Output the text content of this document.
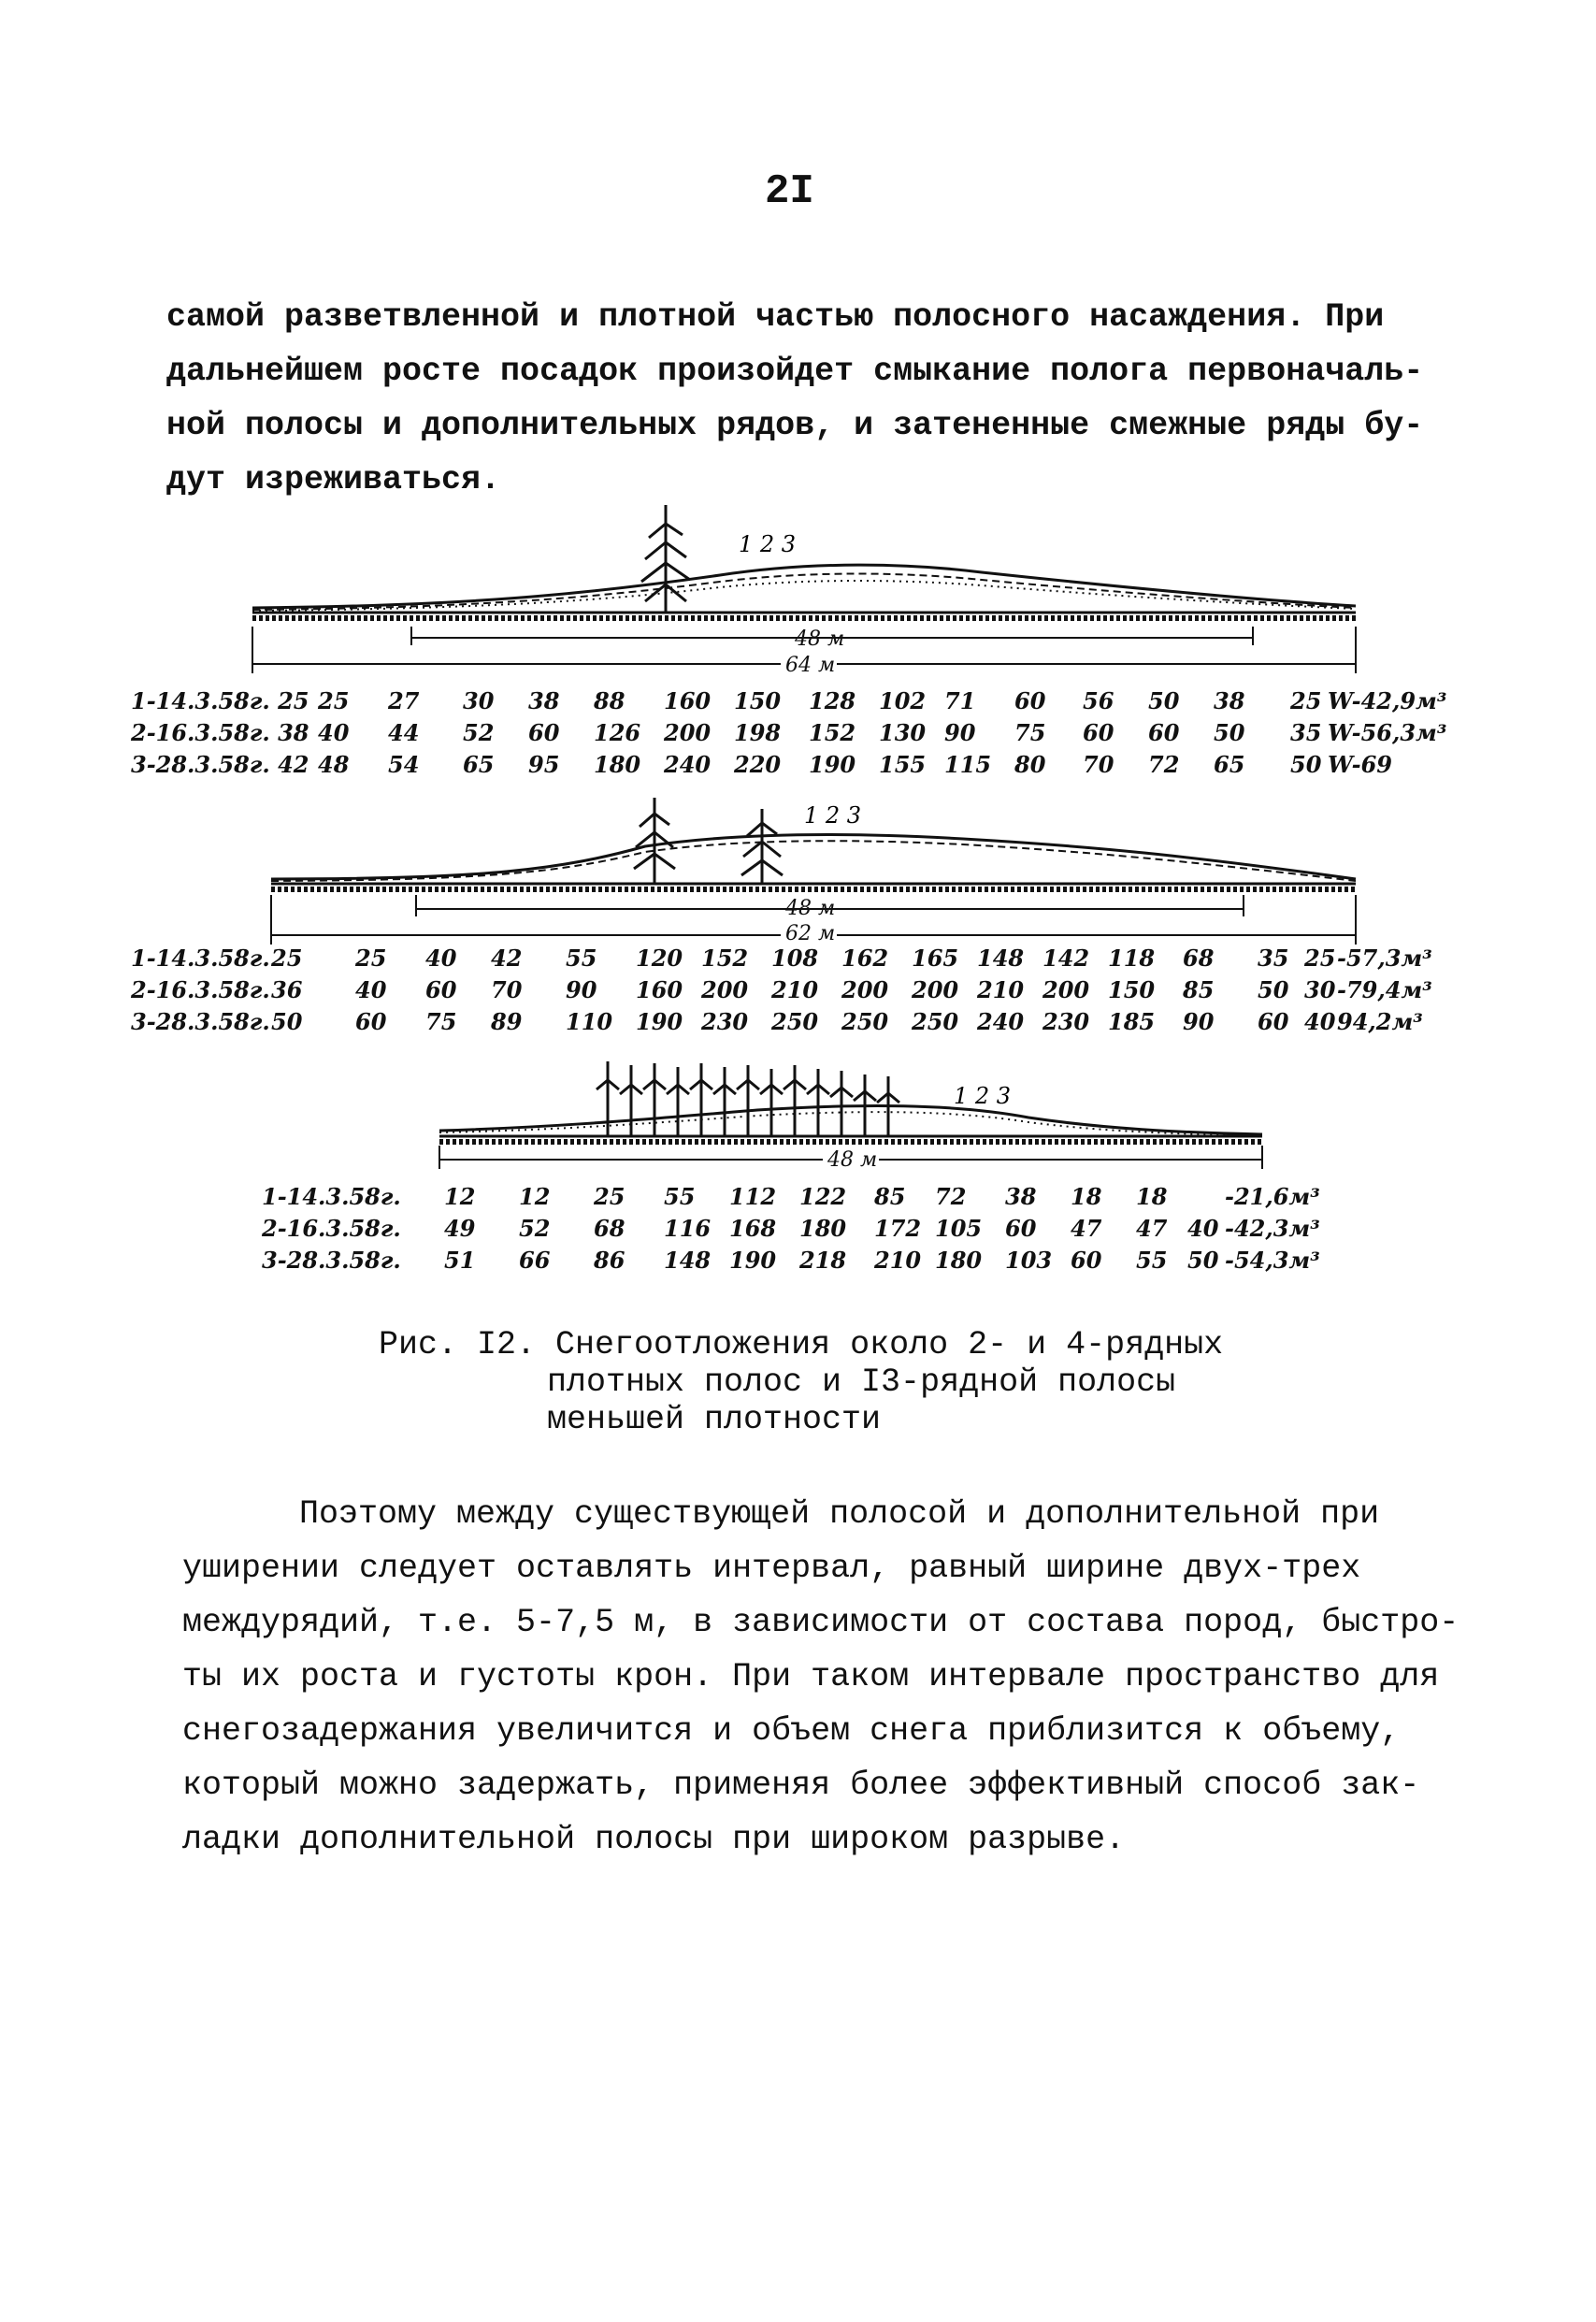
2I
самой разветвленной и плотной частью полосного насаждения. При
дальнейшем росте посадок произойдет смыкание полога первоначаль-
ной полосы и дополнительных рядов, и затененные смежные ряды бу-
дут изреживаться.
1 2 3
48 м
64 м
1-14.3.58г. 25 25 27 30 38 88 160 150 128 102 71 60 56 50 38 25 W-42,9м³
2-16.3.58г. 38 40 44 52 60 126 200 198 152 130 90 75 60 60 50 35 W-56,3м³
3-28.3.58г. 42 48 54 65 95 180 240 220 190 155 115 80 70 72 65 50 W-69
1 2 3
48 м
62 м
1-14.3.58г. 25 25 40 42 55 120 152 108 162 165 148 142 118 68 35 25 -57,3м³
2-16.3.58г. 36 40 60 70 90 160 200 210 200 200 210 200 150 85 50 30 -79,4м³
3-28.3.58г. 50 60 75 89 110 190 230 250 250 250 240 230 185 90 60 40 94,2м³
1 2 3
48 м
1-14.3.58г. 12 12 25 55 112 122 85 72 38 18 18	-21,6м³
2-16.3.58г. 49 52 68 116 168 180 172 105 60 47 47 40 -42,3м³
3-28.3.58г. 51 66 86 148 190 218 210 180 103 60 55 50 -54,3м³
Рис. I2. Снегоотложения около 2- и 4-рядных
плотных полос и I3-рядной полосы
меньшей плотности
Поэтому между существующей полосой и дополнительной при
уширении следует оставлять интервал, равный ширине двух-трех
междурядий, т.е. 5-7,5 м, в зависимости от состава пород, быстро-
ты их роста и густоты крон. При таком интервале пространство для
снегозадержания увеличится и объем снега приблизится к объему,
который можно задержать, применяя более эффективный способ зак-
ладки дополнительной полосы при широком разрыве.
